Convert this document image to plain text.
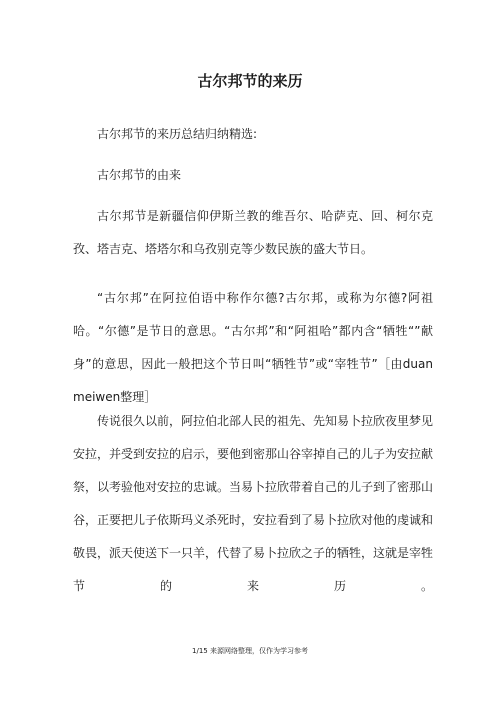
古尔邦节的来历

古尔邦节的来历总结归纳精选:

古尔邦节的由来

古尔邦节是新疆信仰伊斯兰教的维吾尔、哈萨克、回、柯尔克孜、塔吉克、塔塔尔和乌孜别克等少数民族的盛大节日。

“古尔邦”在阿拉伯语中称作尔德?古尔邦，或称为尔德?阿祖哈。“尔德”是节日的意思。“古尔邦”和“阿祖哈”都内含“牺牲“”献身”的意思，因此一般把这个节日叫“牺牲节”或“宰牲节”［由duanmeiwen整理］

传说很久以前，阿拉伯北部人民的祖先、先知易卜拉欣夜里梦见安拉，并受到安拉的启示，要他到密那山谷宰掉自己的儿子为安拉献祭，以考验他对安拉的忠诚。当易卜拉欣带着自己的儿子到了密那山谷，正要把儿子依斯玛义杀死时，安拉看到了易卜拉欣对他的虔诚和敬畏，派天使送下一只羊，代替了易卜拉欣之子的牺牲，这就是宰牲节的来历。

1/15 来源网络整理，仅作为学习参考
